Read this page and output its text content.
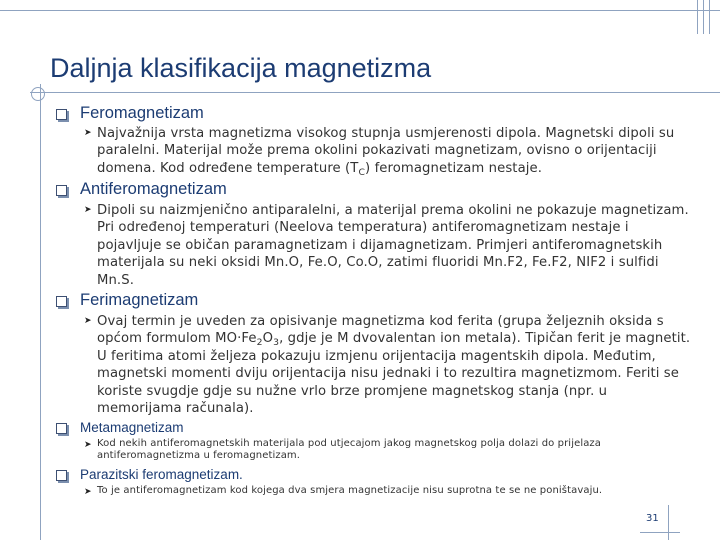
Daljnja klasifikacija magnetizma
Feromagnetizam
➤ Najvažnija vrsta magnetizma visokog stupnja usmjerenosti dipola. Magnetski dipoli su paralelni. Materijal može prema okolini pokazivati magnetizam, ovisno o orijentaciji domena. Kod određene temperature $(T_C)$ feromagnetizam nestaje.
Antiferomagnetizam
➤ Dipoli su naizmjenično antiparalelni, a materijal prema okolini ne pokazuje magnetizam. Pri određenoj temperaturi (Neelova temperatura) antiferomagnetizam nestaje i pojavljuje se običan paramagnetizam i dijamagnetizam. Primjeri antiferomagnetskih materijala su neki oksidi Mn.O, Fe.O, Co.O, zatimi fluoridi Mn.F2, Fe.F2, NIF2 i sulfidi Mn.S.
Ferimagnetizam
➤ Ovaj termin je uveden za opisivanje magnetizma kod ferita (grupa željeznih oksida s općom formulom $MO\cdot Fe_2O_3$, gdje je M dvovalentan ion metala). Tipičan ferit je magnetit. U feritima atomi željeza pokazuju izmjenu orijentacija magentskih dipola. Međutim, magnetski momenti dviju orijentacija nisu jednaki i to rezultira magnetizmom. Feriti se koriste svugdje gdje su nužne vrlo brze promjene magnetskog stanja (npr. u memorijama računala).
Metamagnetizam
➤ Kod nekih antiferomagnetskih materijala pod utjecajom jakog magnetskog polja dolazi do prijelaza antiferomagnetizma u feromagnetizam.
Parazitski feromagnetizam.
➤ To je antiferomagnetizam kod kojega dva smjera magnetizacije nisu suprotna te se ne poništavaju.
31
